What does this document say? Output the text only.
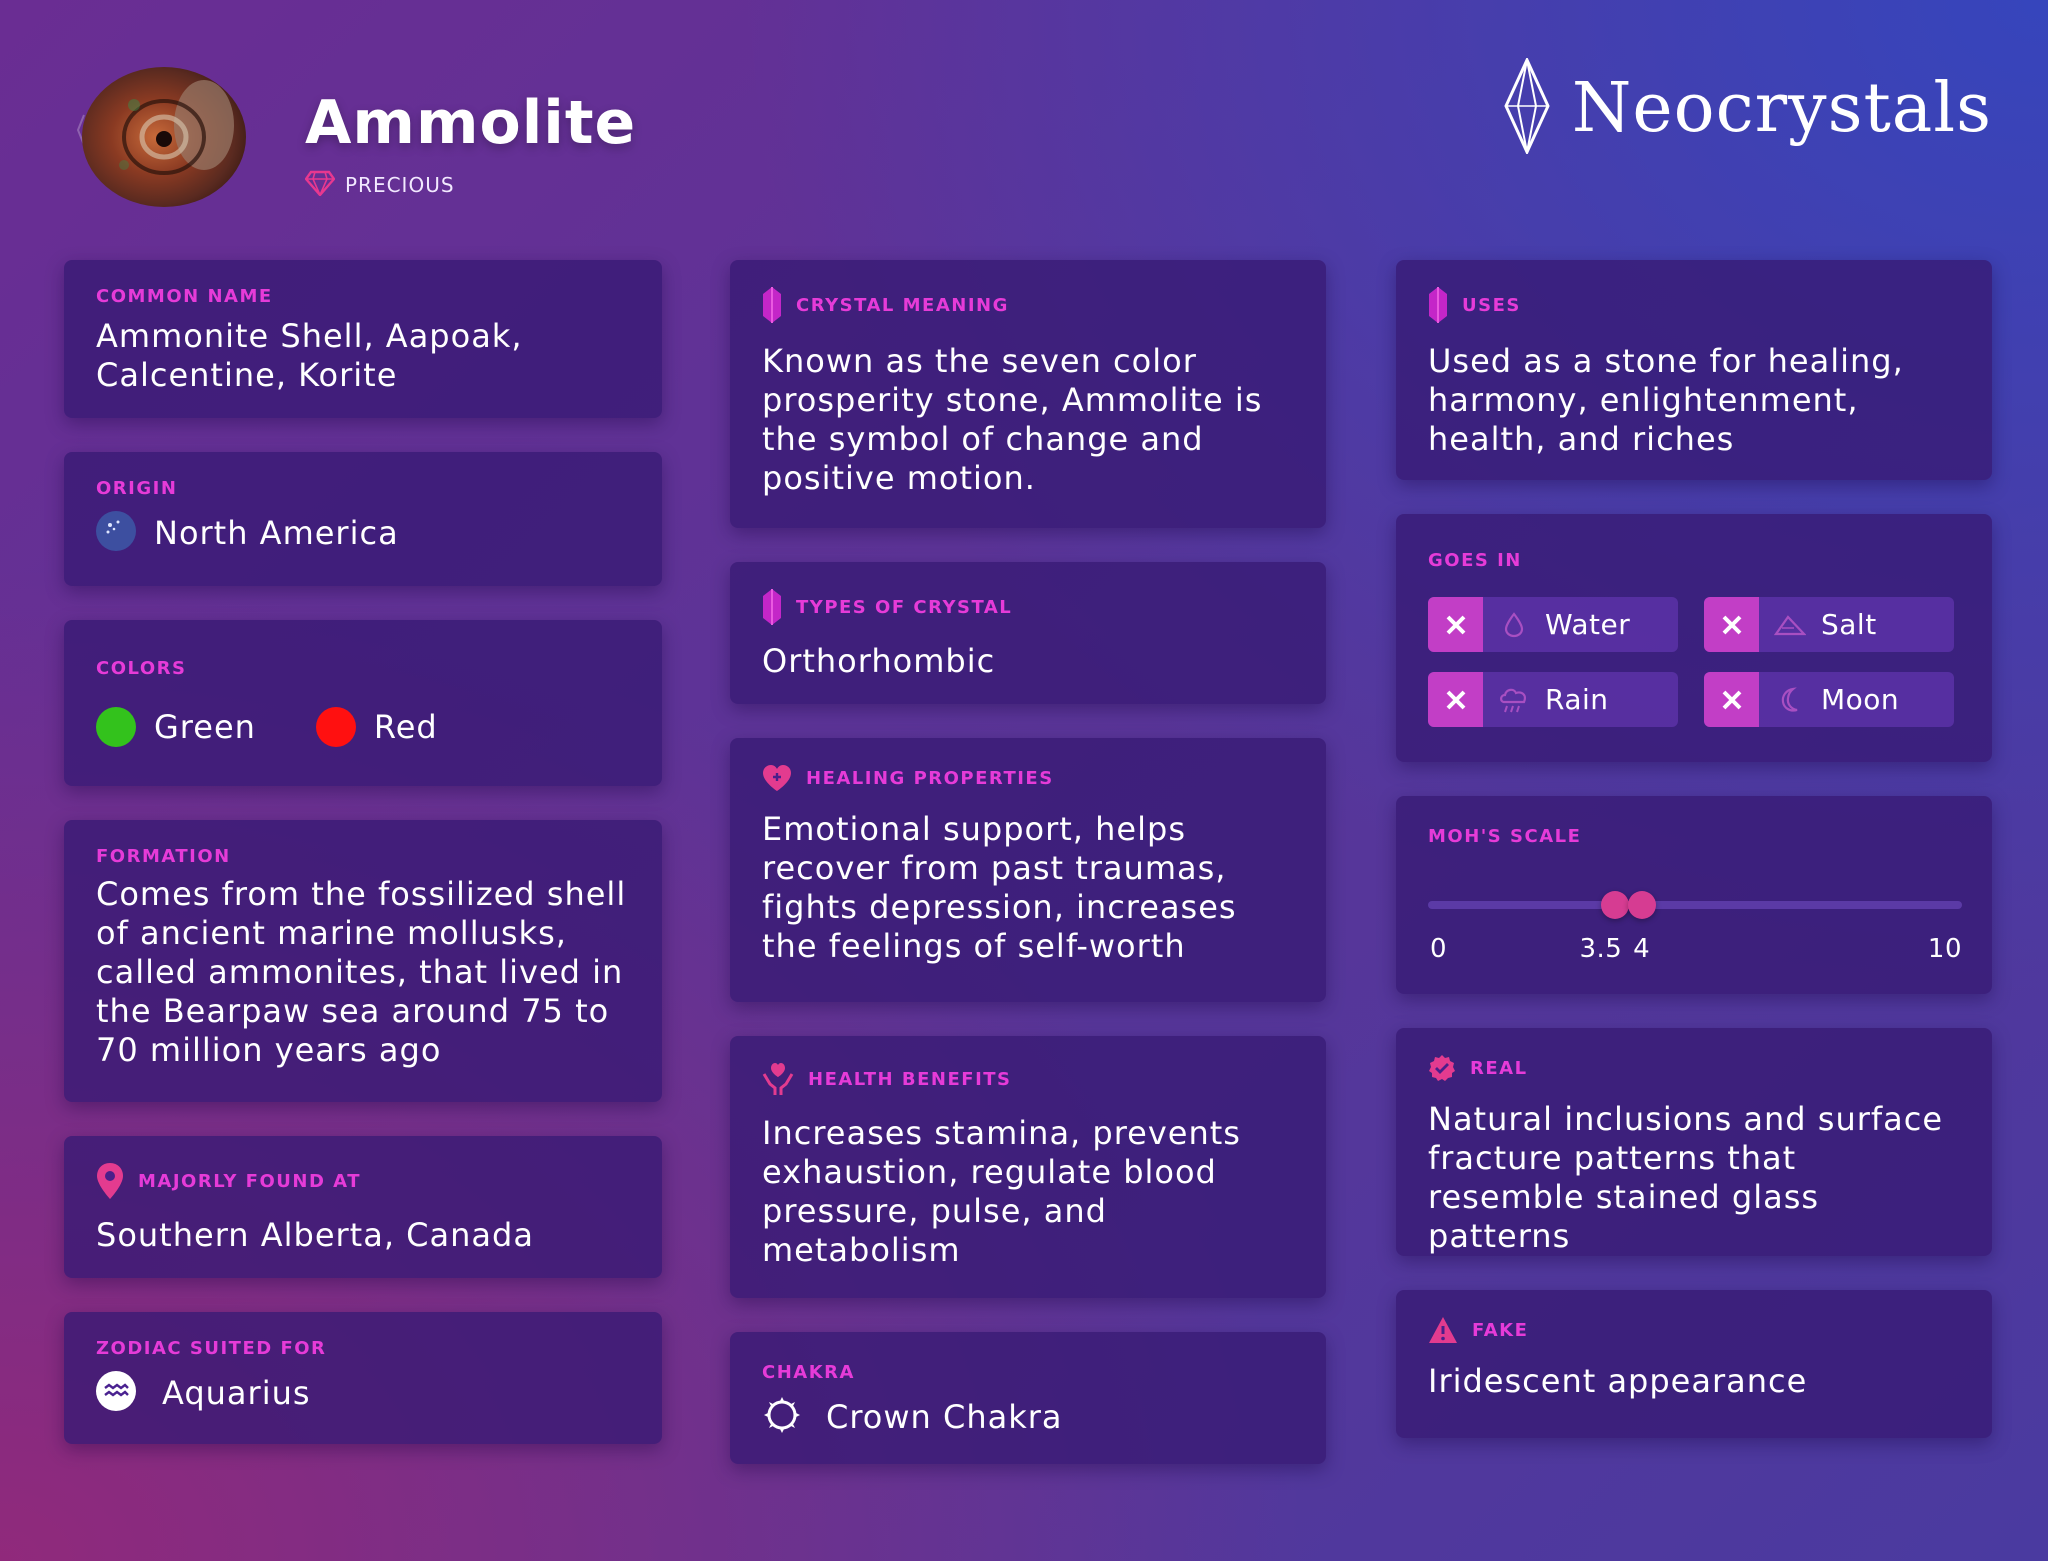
Ammolite
PRECIOUS
Neocrystals
COMMON NAME
Ammonite Shell, Aapoak, Calcentine, Korite
ORIGIN
North America
COLORS
Green	Red
FORMATION
Comes from the fossilized shell of ancient marine mollusks, called ammonites, that lived in the Bearpaw sea around 75 to 70 million years ago
MAJORLY FOUND AT
Southern Alberta, Canada
ZODIAC SUITED FOR
Aquarius
CRYSTAL MEANING
Known as the seven color prosperity stone, Ammolite is the symbol of change and positive motion.
TYPES OF CRYSTAL
Orthorhombic
HEALING PROPERTIES
Emotional support, helps recover from past traumas, fights depression, increases the feelings of self-worth
HEALTH BENEFITS
Increases stamina, prevents exhaustion, regulate blood pressure, pulse, and metabolism
CHAKRA
Crown Chakra
USES
Used as a stone for healing, harmony, enlightenment, health, and riches
GOES IN
Water	Salt
Rain	Moon
MOH'S SCALE
0	3.5 4	10
REAL
Natural inclusions and surface fracture patterns that resemble stained glass patterns
FAKE
Iridescent appearance
